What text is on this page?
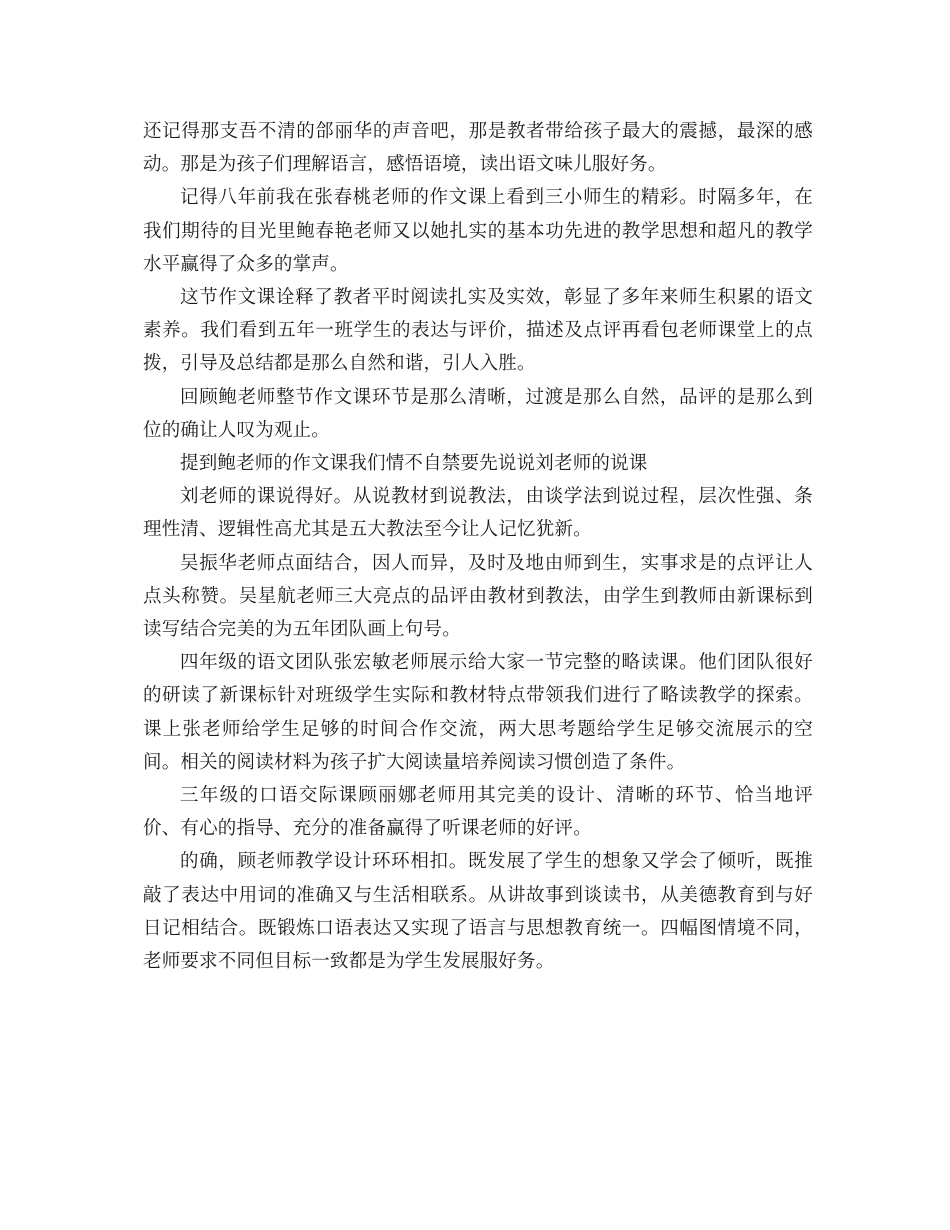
还记得那支吾不清的郃丽华的声音吧，那是教者带给孩子最大的震撼，最深的感动。那是为孩子们理解语言，感悟语境，读出语文味儿服好务。

记得八年前我在张春桃老师的作文课上看到三小师生的精彩。时隔多年，在我们期待的目光里鲍春艳老师又以她扎实的基本功先进的教学思想和超凡的教学水平赢得了众多的掌声。

这节作文课诠释了教者平时阅读扎实及实效，彰显了多年来师生积累的语文素养。我们看到五年一班学生的表达与评价，描述及点评再看包老师课堂上的点拨，引导及总结都是那么自然和谐，引人入胜。

回顾鲍老师整节作文课环节是那么清晰，过渡是那么自然，品评的是那么到位的确让人叹为观止。

提到鲍老师的作文课我们情不自禁要先说说刘老师的说课

刘老师的课说得好。从说教材到说教法，由谈学法到说过程，层次性强、条理性清、逻辑性高尤其是五大教法至今让人记忆犹新。

吴振华老师点面结合，因人而异，及时及地由师到生，实事求是的点评让人点头称赞。吴星航老师三大亮点的品评由教材到教法，由学生到教师由新课标到读写结合完美的为五年团队画上句号。

四年级的语文团队张宏敏老师展示给大家一节完整的略读课。他们团队很好的研读了新课标针对班级学生实际和教材特点带领我们进行了略读教学的探索。课上张老师给学生足够的时间合作交流，两大思考题给学生足够交流展示的空间。相关的阅读材料为孩子扩大阅读量培养阅读习惯创造了条件。

三年级的口语交际课顾丽娜老师用其完美的设计、清晰的环节、恰当地评价、有心的指导、充分的准备赢得了听课老师的好评。

的确，顾老师教学设计环环相扣。既发展了学生的想象又学会了倾听，既推敲了表达中用词的准确又与生活相联系。从讲故事到谈读书，从美德教育到与好日记相结合。既锻炼口语表达又实现了语言与思想教育统一。四幅图情境不同，老师要求不同但目标一致都是为学生发展服好务。
